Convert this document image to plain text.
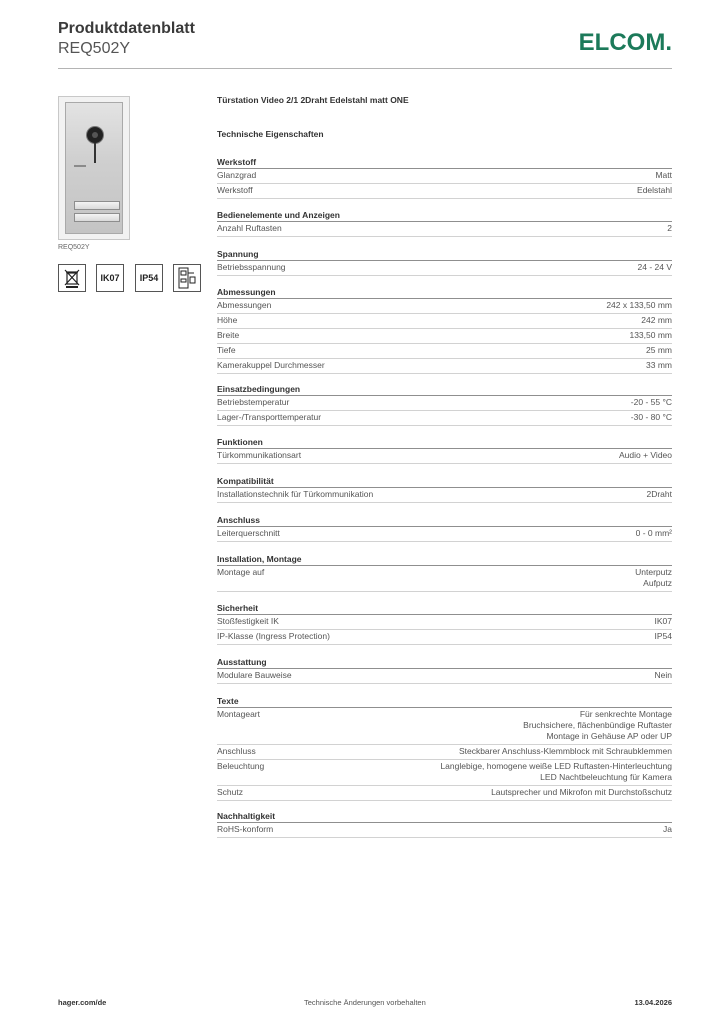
Produktdatenblatt
REQ502Y	ELCOM.
REQ502Y
IK07	IP54
Türstation Video 2/1 2Draht Edelstahl matt ONE
Technische Eigenschaften
Werkstoff
Glanzgrad	Matt
Werkstoff	Edelstahl
Bedienelemente und Anzeigen
Anzahl Ruftasten	2
Spannung
Betriebsspannung	24 - 24 V
Abmessungen
Abmessungen	242 x 133,50 mm
Höhe	242 mm
Breite	133,50 mm
Tiefe	25 mm
Kamerakuppel Durchmesser	33 mm
Einsatzbedingungen
Betriebstemperatur	-20 - 55 °C
Lager-/Transporttemperatur	-30 - 80 °C
Funktionen
Türkommunikationsart	Audio + Video
Kompatibilität
Installationstechnik für Türkommunikation	2Draht
Anschluss
Leiterquerschnitt	0 - 0 mm²
Installation, Montage
Montage auf	Unterputz
Aufputz
Sicherheit
Stoßfestigkeit IK	IK07
IP-Klasse (Ingress Protection)	IP54
Ausstattung
Modulare Bauweise	Nein
Texte
Montageart	Für senkrechte Montage
Bruchsichere, flächenbündige Ruftaster
Montage in Gehäuse AP oder UP
Anschluss	Steckbarer Anschluss-Klemmblock mit Schraubklemmen
Beleuchtung	Langlebige, homogene weiße LED Ruftasten-Hinterleuchtung
LED Nachtbeleuchtung für Kamera
Schutz	Lautsprecher und Mikrofon mit Durchstoßschutz
Nachhaltigkeit
RoHS-konform	Ja
hager.com/de	Technische Änderungen vorbehalten	13.04.2026
